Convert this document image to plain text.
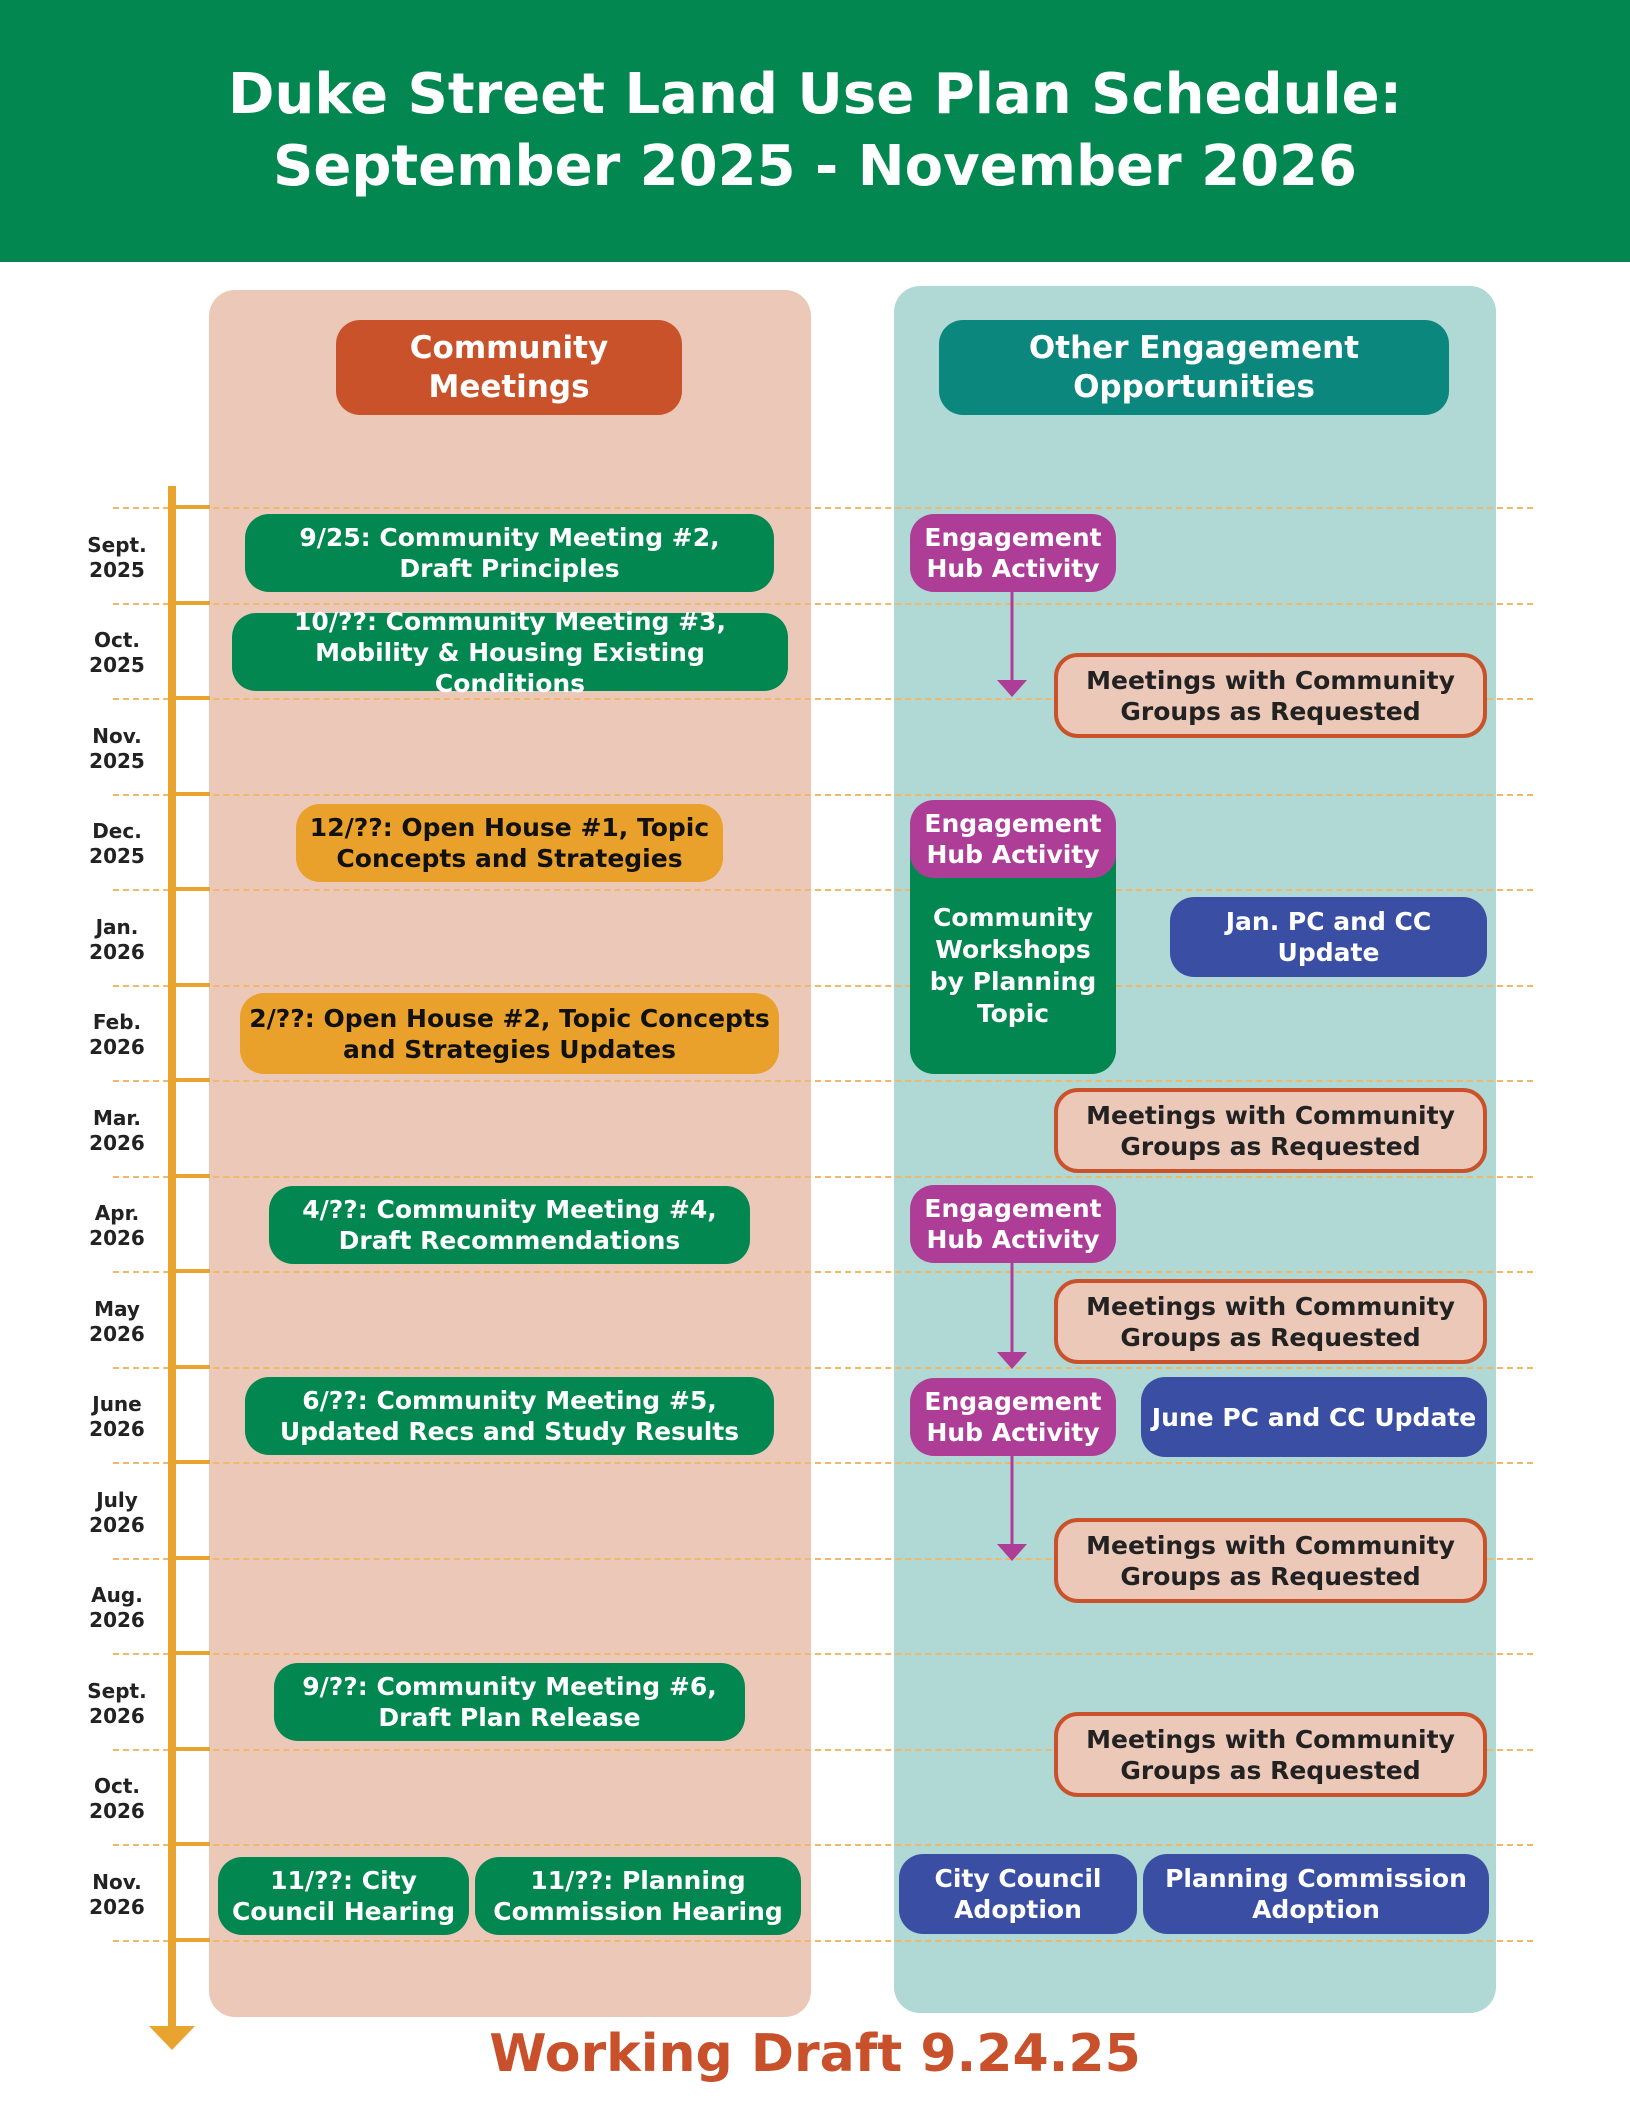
Duke Street Land Use Plan Schedule:
September 2025 - November 2026
Community Meetings
Other Engagement Opportunities
Sept.
2025
Oct.
2025
Nov.
2025
Dec.
2025
Jan.
2026
Feb.
2026
Mar.
2026
Apr.
2026
May
2026
June
2026
July
2026
Aug.
2026
Sept.
2026
Oct.
2026
Nov.
2026
9/25: Community Meeting #2,
Draft Principles
10/??: Community Meeting #3,
Mobility & Housing Existing Conditions
12/??: Open House #1, Topic
Concepts and Strategies
2/??: Open House #2, Topic Concepts
and Strategies Updates
4/??: Community Meeting #4,
Draft Recommendations
6/??: Community Meeting #5,
Updated Recs and Study Results
9/??: Community Meeting #6,
Draft Plan Release
11/??: City
Council Hearing
11/??: Planning
Commission Hearing
Community
Workshops
by Planning
Topic
Engagement
Hub Activity
Engagement
Hub Activity
Engagement
Hub Activity
Engagement
Hub Activity
Meetings with Community
Groups as Requested
Meetings with Community
Groups as Requested
Meetings with Community
Groups as Requested
Meetings with Community
Groups as Requested
Meetings with Community
Groups as Requested
Jan. PC and CC
Update
June PC and CC Update
City Council
Adoption
Planning Commission
Adoption
Working Draft 9.24.25
